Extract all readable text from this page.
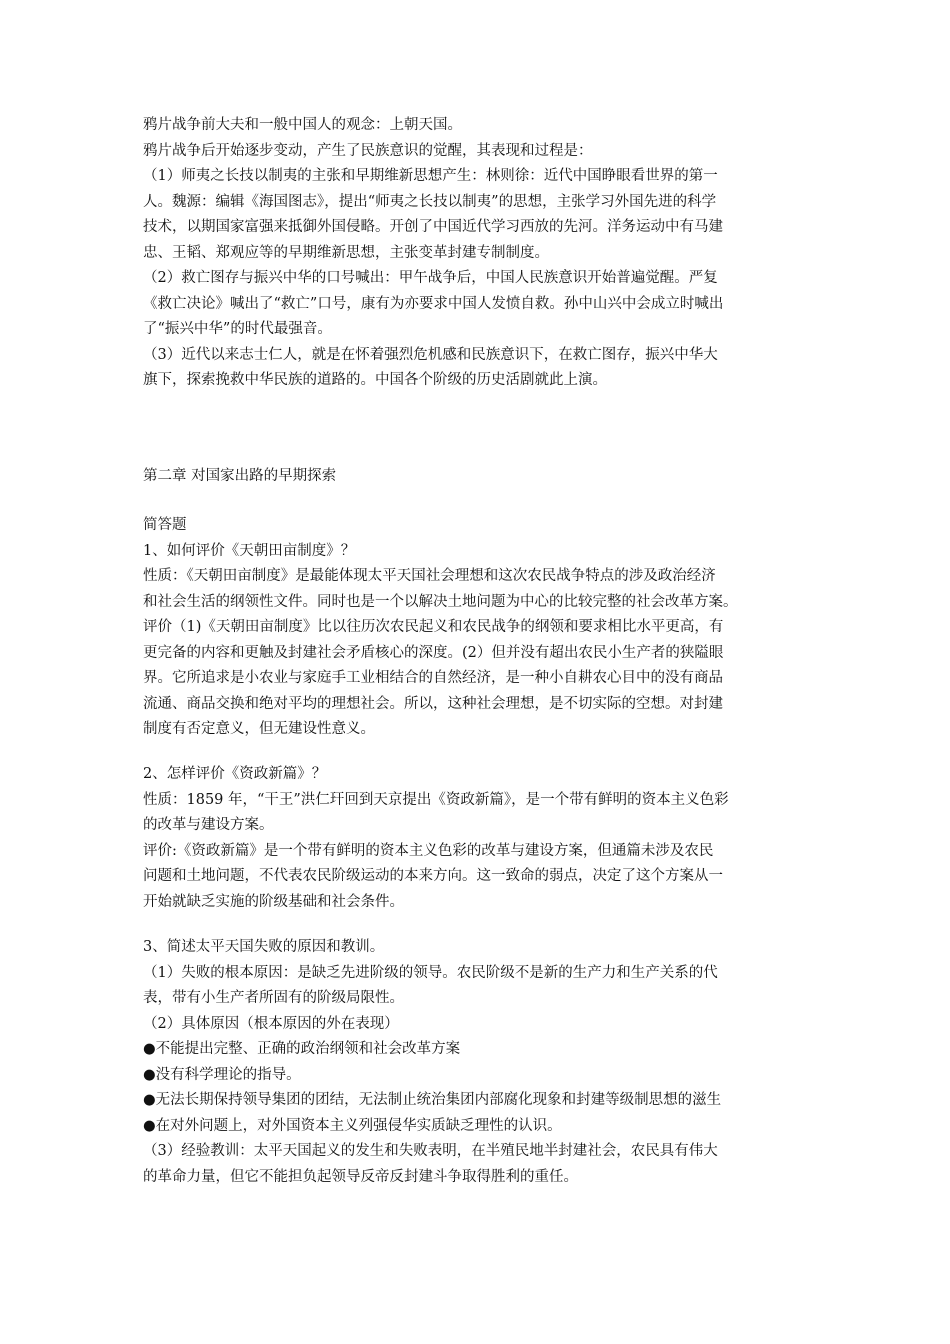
鸦片战争前大夫和一般中国人的观念：上朝天国。
鸦片战争后开始逐步变动，产生了民族意识的觉醒，其表现和过程是：
（1）师夷之长技以制夷的主张和早期维新思想产生：林则徐：近代中国睁眼看世界的第一
人。魏源：编辑《海国图志》，提出“师夷之长技以制夷”的思想，主张学习外国先进的科学
技术，以期国家富强来抵御外国侵略。开创了中国近代学习西放的先河。洋务运动中有马建
忠、王韬、郑观应等的早期维新思想，主张变革封建专制制度。
（2）救亡图存与振兴中华的口号喊出：甲午战争后，中国人民族意识开始普遍觉醒。严复
《救亡决论》喊出了“救亡”口号，康有为亦要求中国人发愤自救。孙中山兴中会成立时喊出
了“振兴中华”的时代最强音。
（3）近代以来志士仁人，就是在怀着强烈危机感和民族意识下，在救亡图存，振兴中华大
旗下，探索挽救中华民族的道路的。中国各个阶级的历史活剧就此上演。
第二章 对国家出路的早期探索
简答题
1、如何评价《天朝田亩制度》？
性质：《天朝田亩制度》是最能体现太平天国社会理想和这次农民战争特点的涉及政治经济
和社会生活的纲领性文件。同时也是一个以解决土地问题为中心的比较完整的社会改革方案。
评价（1)《天朝田亩制度》比以往历次农民起义和农民战争的纲领和要求相比水平更高，有
更完备的内容和更触及封建社会矛盾核心的深度。(2）但并没有超出农民小生产者的狭隘眼
界。它所追求是小农业与家庭手工业相结合的自然经济，是一种小自耕农心目中的没有商品
流通、商品交换和绝对平均的理想社会。所以，这种社会理想，是不切实际的空想。对封建
制度有否定意义，但无建设性意义。
2、怎样评价《资政新篇》？
性质：1859 年，“干王”洪仁玕回到天京提出《资政新篇》，是一个带有鲜明的资本主义色彩
的改革与建设方案。
评价:《资政新篇》是一个带有鲜明的资本主义色彩的改革与建设方案，但通篇未涉及农民
问题和土地问题，不代表农民阶级运动的本来方向。这一致命的弱点，决定了这个方案从一
开始就缺乏实施的阶级基础和社会条件。
3、简述太平天国失败的原因和教训。
（1）失败的根本原因：是缺乏先进阶级的领导。农民阶级不是新的生产力和生产关系的代
表，带有小生产者所固有的阶级局限性。
（2）具体原因（根本原因的外在表现）
●不能提出完整、正确的政治纲领和社会改革方案
●没有科学理论的指导。
●无法长期保持领导集团的团结，无法制止统治集团内部腐化现象和封建等级制思想的滋生
●在对外问题上，对外国资本主义列强侵华实质缺乏理性的认识。
（3）经验教训：太平天国起义的发生和失败表明，在半殖民地半封建社会，农民具有伟大
的革命力量，但它不能担负起领导反帝反封建斗争取得胜利的重任。
